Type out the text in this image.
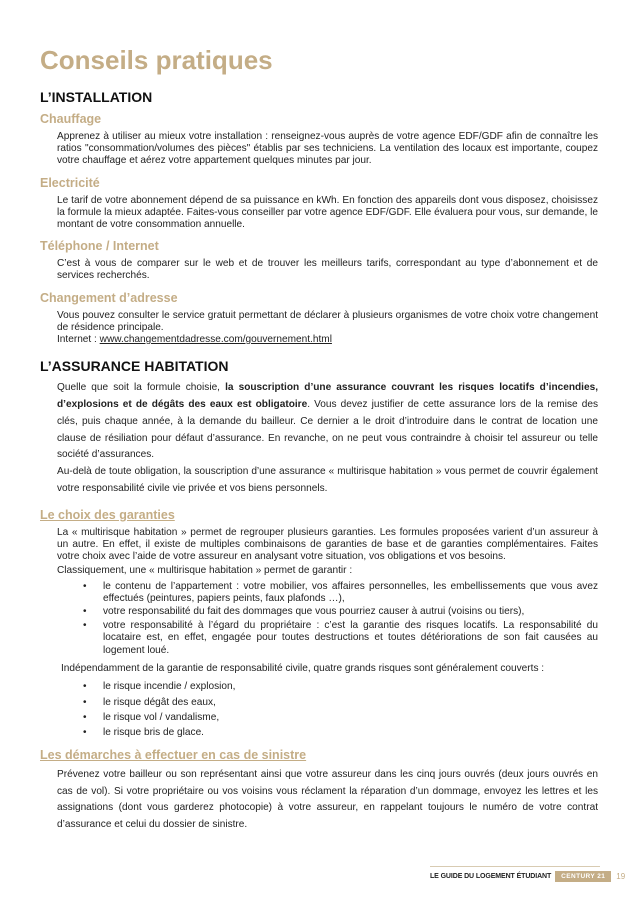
Conseils pratiques
L’INSTALLATION
Chauffage

Apprenez à utiliser au mieux votre installation : renseignez-vous auprès de votre agence EDF/GDF afin de connaître les ratios "consommation/volumes des pièces" établis par ses techniciens. La ventilation des locaux est importante, coupez votre chauffage et aérez votre appartement quelques minutes par jour.

Electricité

Le tarif de votre abonnement dépend de sa puissance en kWh. En fonction des appareils dont vous disposez, choisissez la formule la mieux adaptée. Faites-vous conseiller par votre agence EDF/GDF. Elle évaluera pour vous, sur demande, le montant de votre consommation annuelle.

Téléphone / Internet

C’est à vous de comparer sur le web et de trouver les meilleurs tarifs, correspondant au type d’abonnement et de services recherchés.

Changement d’adresse

Vous pouvez consulter le service gratuit permettant de déclarer à plusieurs organismes de votre choix votre changement de résidence principale.

Internet : www.changementdadresse.com/gouvernement.html

L’ASSURANCE HABITATION

Quelle que soit la formule choisie, la souscription d’une assurance couvrant les risques locatifs d’incendies, d’explosions et de dégâts des eaux est obligatoire. Vous devez justifier de cette assurance lors de la remise des clés, puis chaque année, à la demande du bailleur. Ce dernier a le droit d’introduire dans le contrat de location une clause de résiliation pour défaut d’assurance. En revanche, on ne peut vous contraindre à choisir tel assureur ou telle société d’assurances.

Au-delà de toute obligation, la souscription d’une assurance « multirisque habitation » vous permet de couvrir également votre responsabilité civile vie privée et vos biens personnels.

Le choix des garanties

La « multirisque habitation » permet de regrouper plusieurs garanties. Les formules proposées varient d’un assureur à un autre. En effet, il existe de multiples combinaisons de garanties de base et de garanties complémentaires. Faites votre choix avec l’aide de votre assureur en analysant votre situation, vos obligations et vos besoins.

Classiquement, une « multirisque habitation » permet de garantir :

• le contenu de l’appartement : votre mobilier, vos affaires personnelles, les embellissements que vous avez effectués (peintures, papiers peints, faux plafonds …),
• votre responsabilité du fait des dommages que vous pourriez causer à autrui (voisins ou tiers),
• votre responsabilité à l’égard du propriétaire : c’est la garantie des risques locatifs. La responsabilité du locataire est, en effet, engagée pour toutes destructions et toutes détériorations de son fait causées au logement loué.

Indépendamment de la garantie de responsabilité civile, quatre grands risques sont généralement couverts :

• le risque incendie / explosion,
• le risque dégât des eaux,
• le risque vol / vandalisme,
• le risque bris de glace.
Les démarches à effectuer en cas de sinistre

Prévenez votre bailleur ou son représentant ainsi que votre assureur dans les cinq jours ouvrés (deux jours ouvrés en cas de vol). Si votre propriétaire ou vos voisins vous réclament la réparation d’un dommage, envoyez les lettres et les assignations (dont vous garderez photocopie) à votre assureur, en rappelant toujours le numéro de votre contrat d’assurance et celui du dossier de sinistre.

LE GUIDE DU LOGEMENT ÉTUDIANT	CENTURY 21	19
